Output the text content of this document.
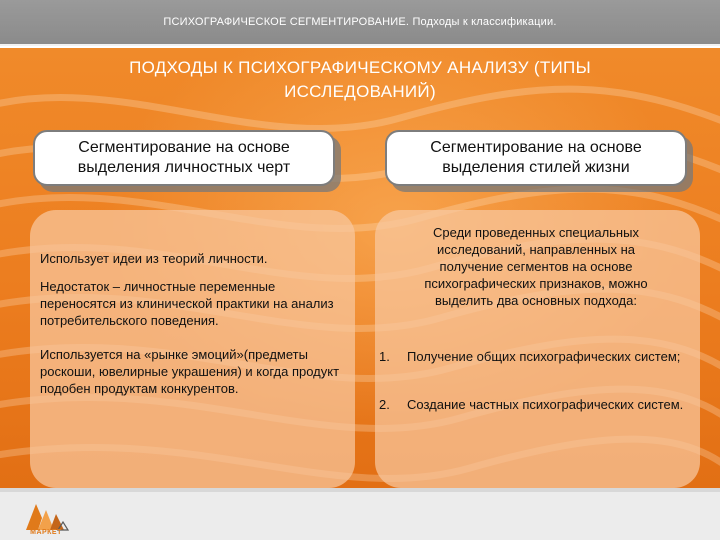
ПСИХОГРАФИЧЕСКОЕ СЕГМЕНТИРОВАНИЕ. Подходы к классификации.
ПОДХОДЫ К ПСИХОГРАФИЧЕСКОМУ АНАЛИЗУ (ТИПЫ
ИССЛЕДОВАНИЙ)
Сегментирование на основе
выделения личностных черт
Сегментирование на основе
выделения стилей жизни

Использует идеи из теорий личности.

Недостаток – личностные переменные переносятся из клинической практики на анализ потребительского поведения.

Используется на «рынке эмоций»(предметы роскоши, ювелирные украшения) и когда продукт подобен продуктам конкурентов.

Среди проведенных специальных исследований, направленных на получение сегментов на основе психографических признаков, можно выделить два основных подхода:

1. Получение общих психографических систем;
2. Создание частных психографических систем.
МАРКЕТ
